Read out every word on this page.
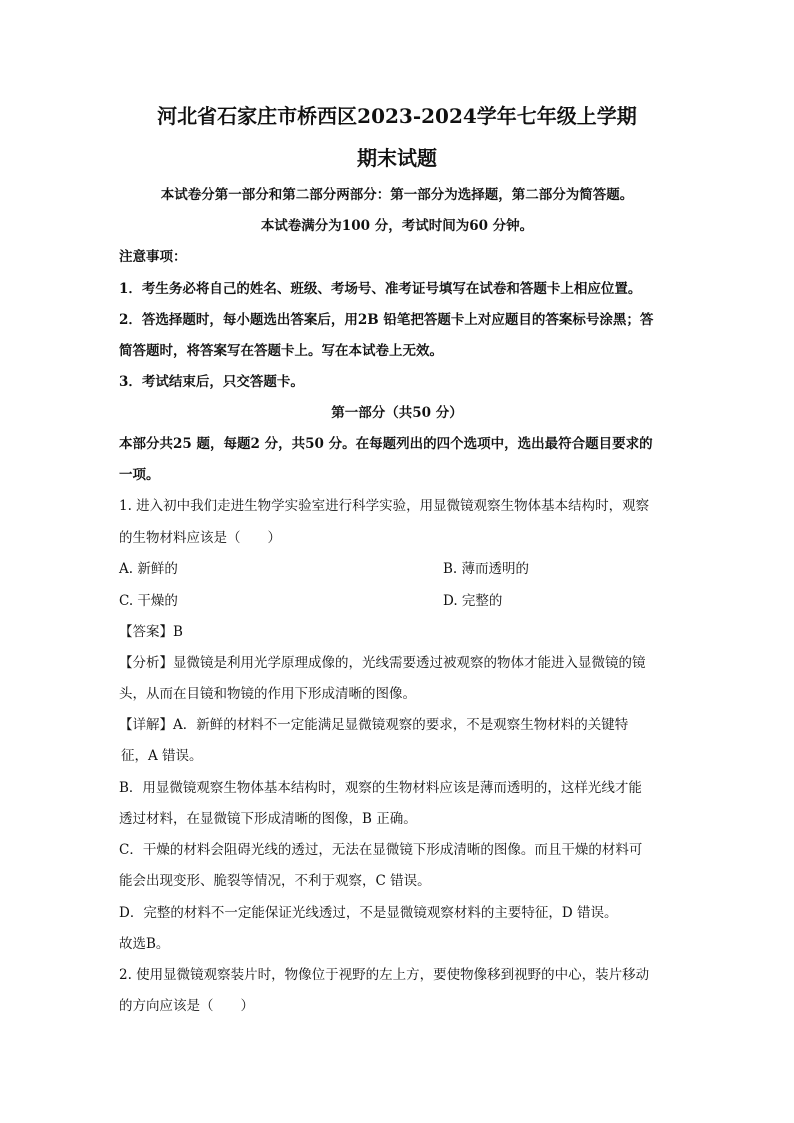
河北省石家庄市桥西区2023-2024学年七年级上学期
期末试题
本试卷分第一部分和第二部分两部分：第一部分为选择题，第二部分为简答题。
本试卷满分为100 分，考试时间为60 分钟。
注意事项：
1．考生务必将自己的姓名、班级、考场号、准考证号填写在试卷和答题卡上相应位置。
2．答选择题时，每小题选出答案后，用2B 铅笔把答题卡上对应题目的答案标号涂黑；答
简答题时，将答案写在答题卡上。写在本试卷上无效。
3．考试结束后，只交答题卡。
第一部分（共50 分）
本部分共25 题，每题2 分，共50 分。在每题列出的四个选项中，选出最符合题目要求的
一项。
1. 进入初中我们走进生物学实验室进行科学实验，用显微镜观察生物体基本结构时，观察
的生物材料应该是（　　）
A. 新鲜的	B. 薄而透明的
C. 干燥的	D. 完整的
【答案】B
【分析】显微镜是利用光学原理成像的，光线需要透过被观察的物体才能进入显微镜的镜
头，从而在目镜和物镜的作用下形成清晰的图像。
【详解】A．新鲜的材料不一定能满足显微镜观察的要求，不是观察生物材料的关键特
征，A 错误。
B．用显微镜观察生物体基本结构时，观察的生物材料应该是薄而透明的，这样光线才能
透过材料，在显微镜下形成清晰的图像，B 正确。
C．干燥的材料会阻碍光线的透过，无法在显微镜下形成清晰的图像。而且干燥的材料可
能会出现变形、脆裂等情况，不利于观察，C 错误。
D．完整的材料不一定能保证光线透过，不是显微镜观察材料的主要特征，D 错误。
故选B。
2. 使用显微镜观察装片时，物像位于视野的左上方，要使物像移到视野的中心，装片移动
的方向应该是（　　）
